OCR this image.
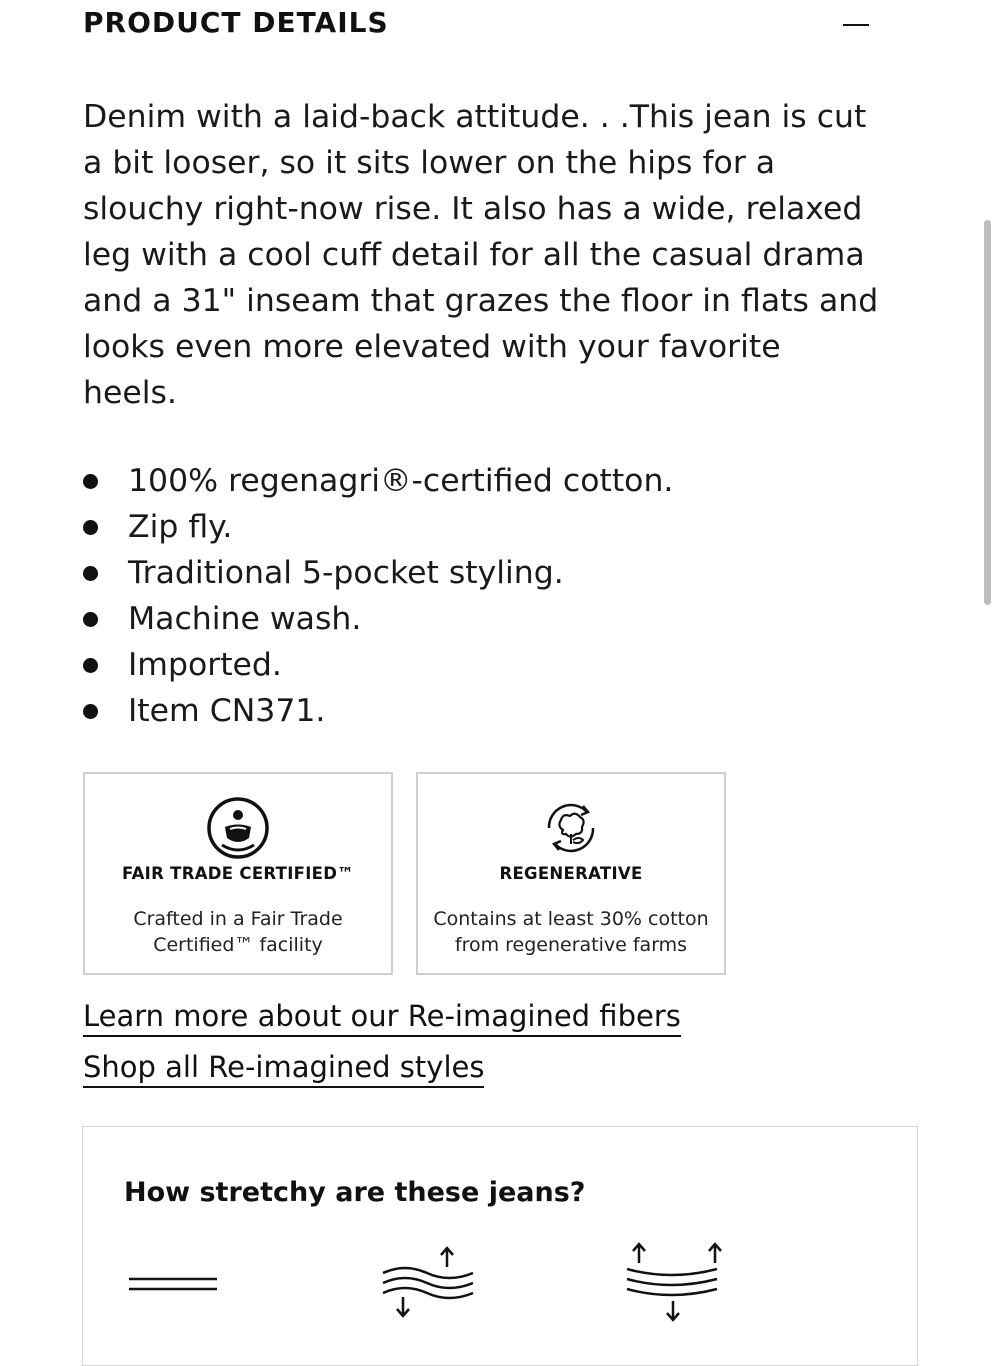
PRODUCT DETAILS

Denim with a laid-back attitude. . .This jean is cut a bit looser, so it sits lower on the hips for a slouchy right-now rise. It also has a wide, relaxed leg with a cool cuff detail for all the casual drama and a 31" inseam that grazes the floor in flats and looks even more elevated with your favorite heels.

100% regenagri®-certified cotton.
Zip fly.
Traditional 5-pocket styling.
Machine wash.
Imported.
Item CN371.
FAIR TRADE CERTIFIED™
Crafted in a Fair Trade Certified™ facility
REGENERATIVE
Contains at least 30% cotton from regenerative farms
Learn more about our Re-imagined fibers
Shop all Re-imagined styles
How stretchy are these jeans?
